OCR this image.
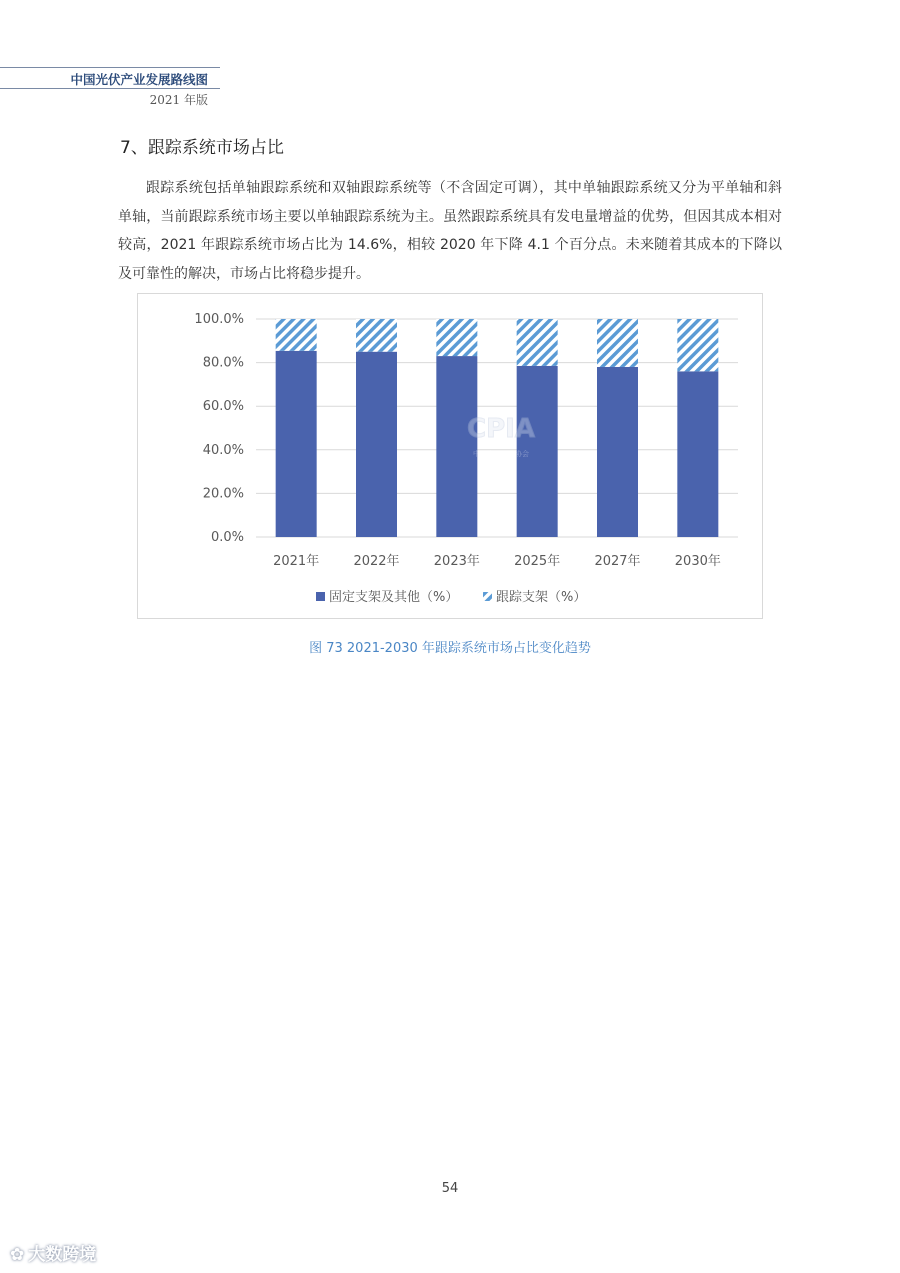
中国光伏产业发展路线图
2021 年版
7、跟踪系统市场占比

跟踪系统包括单轴跟踪系统和双轴跟踪系统等（不含固定可调），其中单轴跟踪系统又分为平单轴和斜单轴，当前跟踪系统市场主要以单轴跟踪系统为主。虽然跟踪系统具有发电量增益的优势，但因其成本相对较高，2021 年跟踪系统市场占比为 14.6%，相较 2020 年下降 4.1 个百分点。未来随着其成本的下降以及可靠性的解决，市场占比将稳步提升。

CPIA
中国光伏行业协会
0.0%
20.0%
40.0%
60.0%
80.0%
100.0%
2021年	2022年	2023年	2025年	2027年	2030年
固定支架及其他（%）	跟踪支架（%）
图 73 2021-2030 年跟踪系统市场占比变化趋势
54
✿ 大数跨境
